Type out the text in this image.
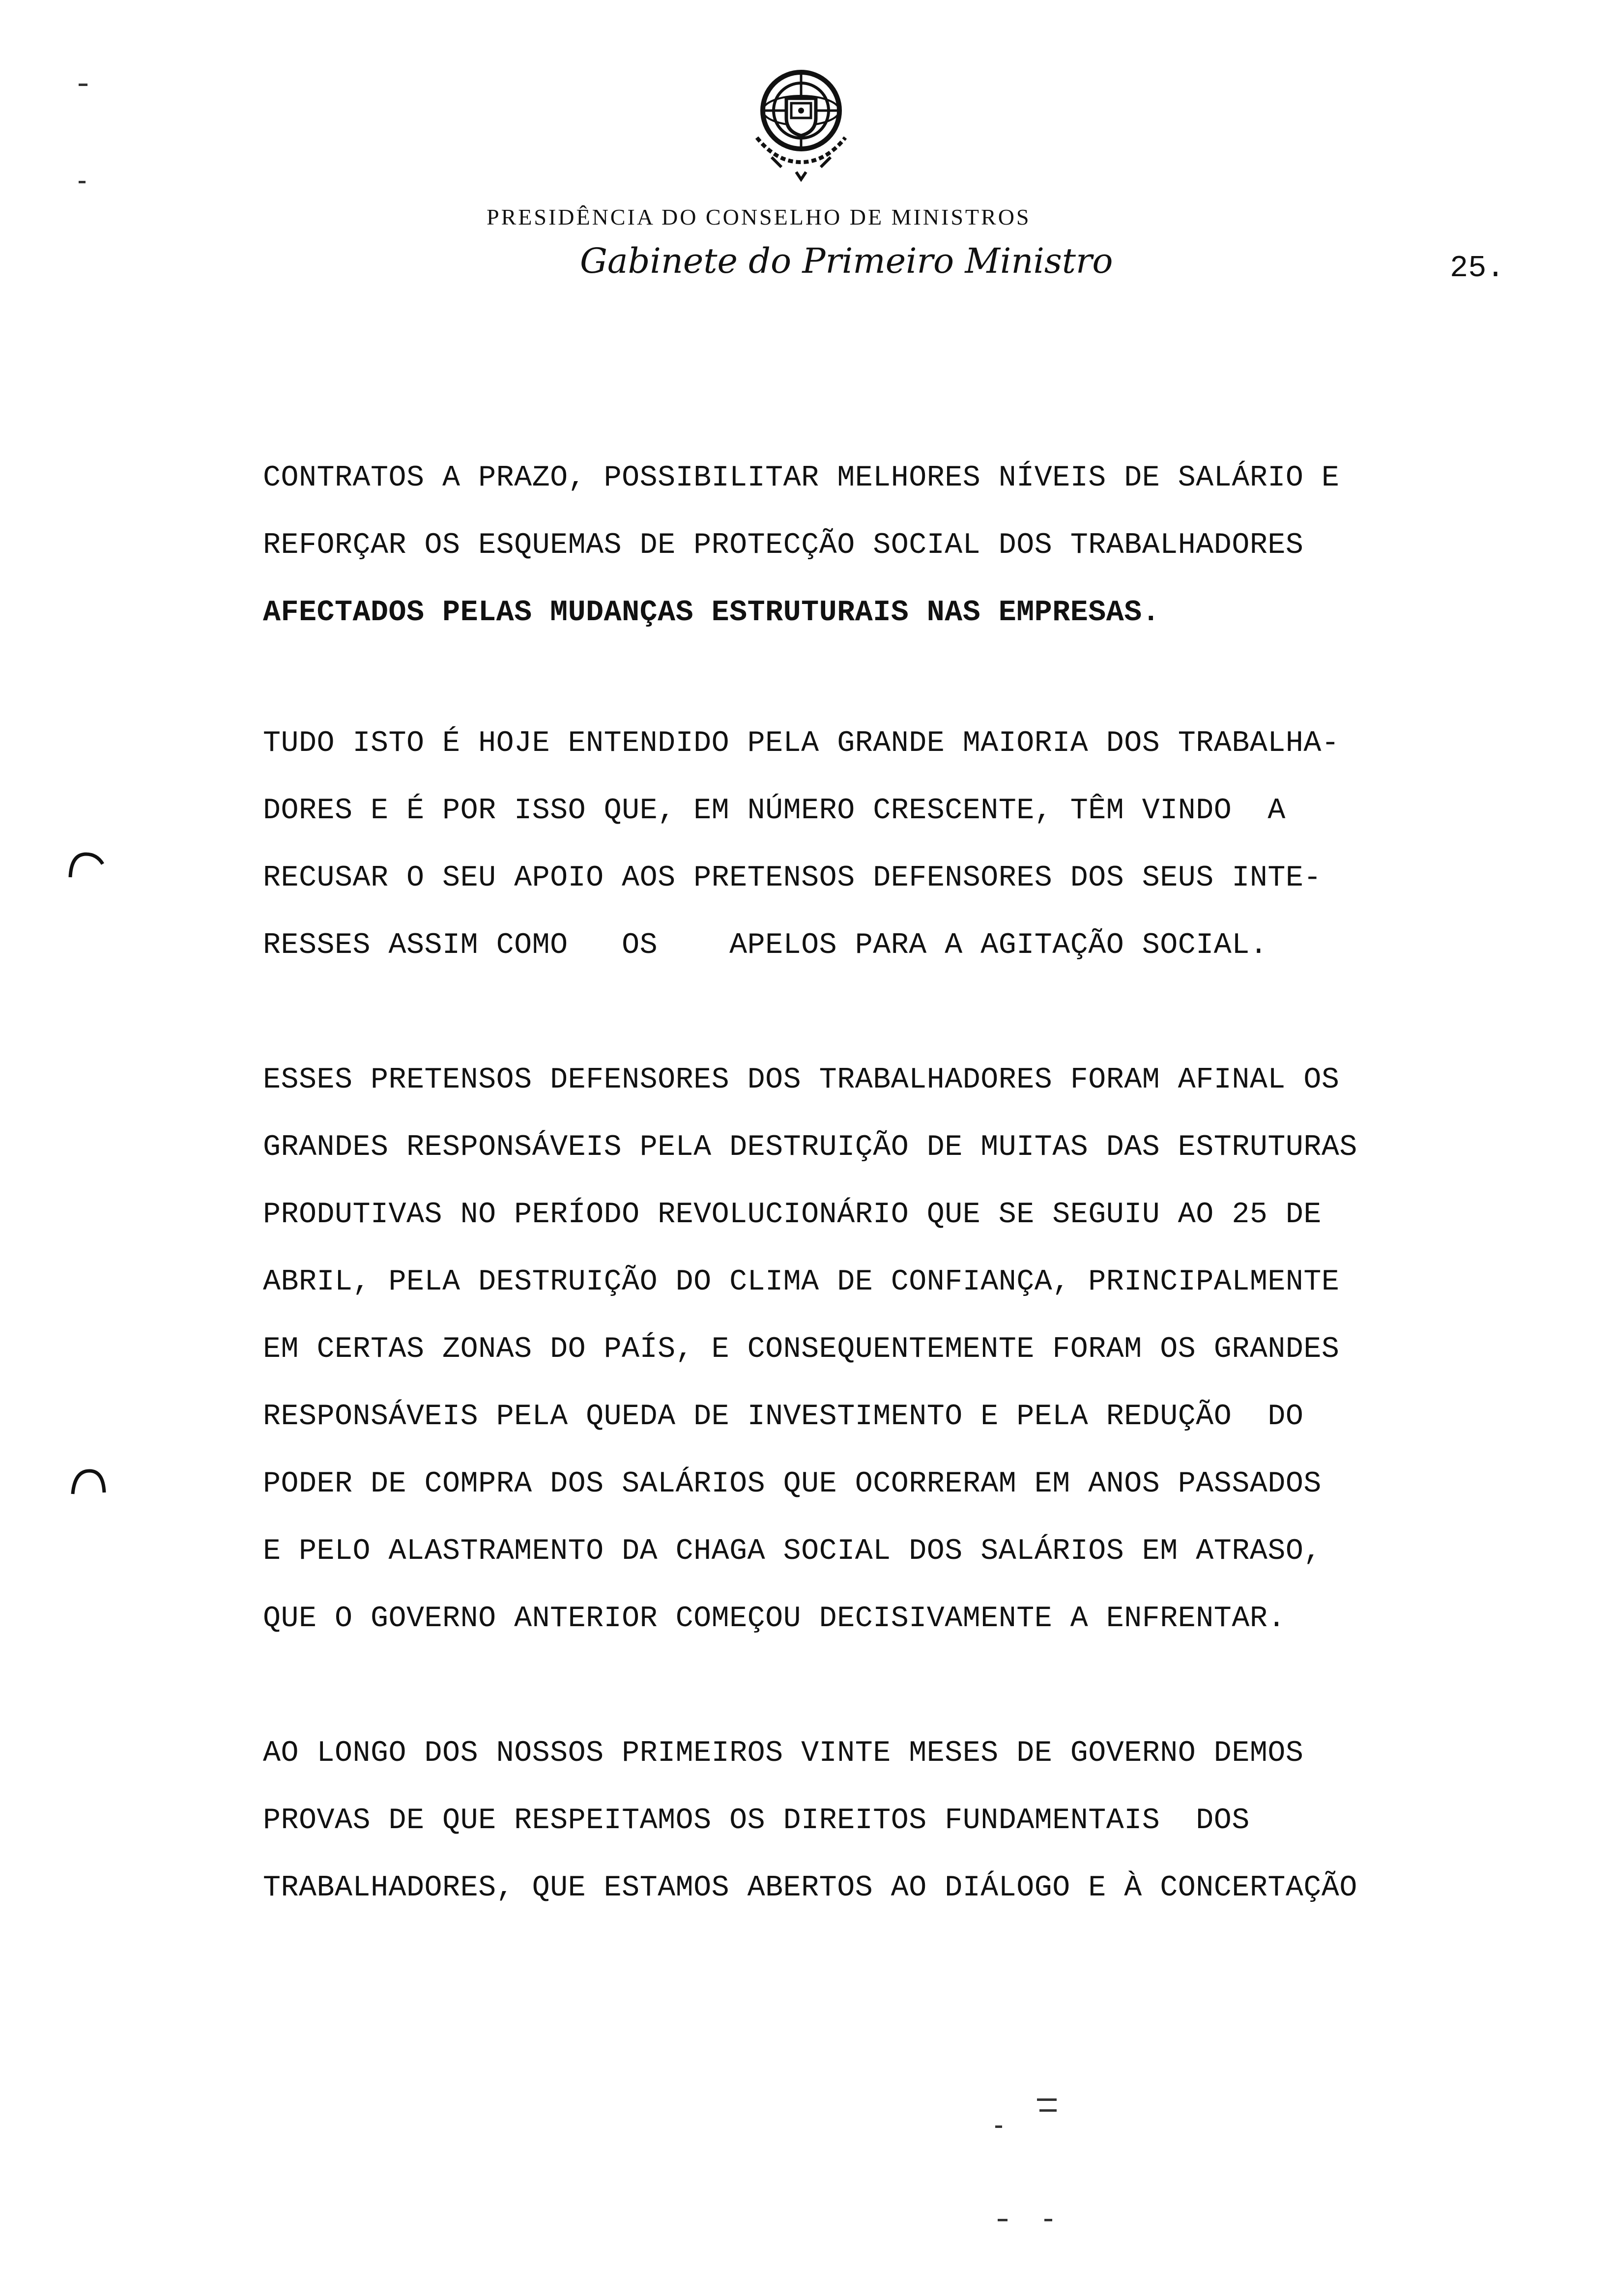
PRESIDÊNCIA DO CONSELHO DE MINISTROS
Gabinete do Primeiro Ministro	25.
CONTRATOS A PRAZO, POSSIBILITAR MELHORES NÍVEIS DE SALÁRIO E
REFORÇAR OS ESQUEMAS DE PROTECÇÃO SOCIAL DOS TRABALHADORES
AFECTADOS PELAS MUDANÇAS ESTRUTURAIS NAS EMPRESAS.
TUDO ISTO É HOJE ENTENDIDO PELA GRANDE MAIORIA DOS TRABALHA-
DORES E É POR ISSO QUE, EM NÚMERO CRESCENTE, TÊM VINDO  A
RECUSAR O SEU APOIO AOS PRETENSOS DEFENSORES DOS SEUS INTE-
RESSES ASSIM COMO   OS    APELOS PARA A AGITAÇÃO SOCIAL.
ESSES PRETENSOS DEFENSORES DOS TRABALHADORES FORAM AFINAL OS
GRANDES RESPONSÁVEIS PELA DESTRUIÇÃO DE MUITAS DAS ESTRUTURAS
PRODUTIVAS NO PERÍODO REVOLUCIONÁRIO QUE SE SEGUIU AO 25 DE
ABRIL, PELA DESTRUIÇÃO DO CLIMA DE CONFIANÇA, PRINCIPALMENTE
EM CERTAS ZONAS DO PAÍS, E CONSEQUENTEMENTE FORAM OS GRANDES
RESPONSÁVEIS PELA QUEDA DE INVESTIMENTO E PELA REDUÇÃO  DO
PODER DE COMPRA DOS SALÁRIOS QUE OCORRERAM EM ANOS PASSADOS
E PELO ALASTRAMENTO DA CHAGA SOCIAL DOS SALÁRIOS EM ATRASO,
QUE O GOVERNO ANTERIOR COMEÇOU DECISIVAMENTE A ENFRENTAR.
AO LONGO DOS NOSSOS PRIMEIROS VINTE MESES DE GOVERNO DEMOS
PROVAS DE QUE RESPEITAMOS OS DIREITOS FUNDAMENTAIS  DOS
TRABALHADORES, QUE ESTAMOS ABERTOS AO DIÁLOGO E À CONCERTAÇÃO
